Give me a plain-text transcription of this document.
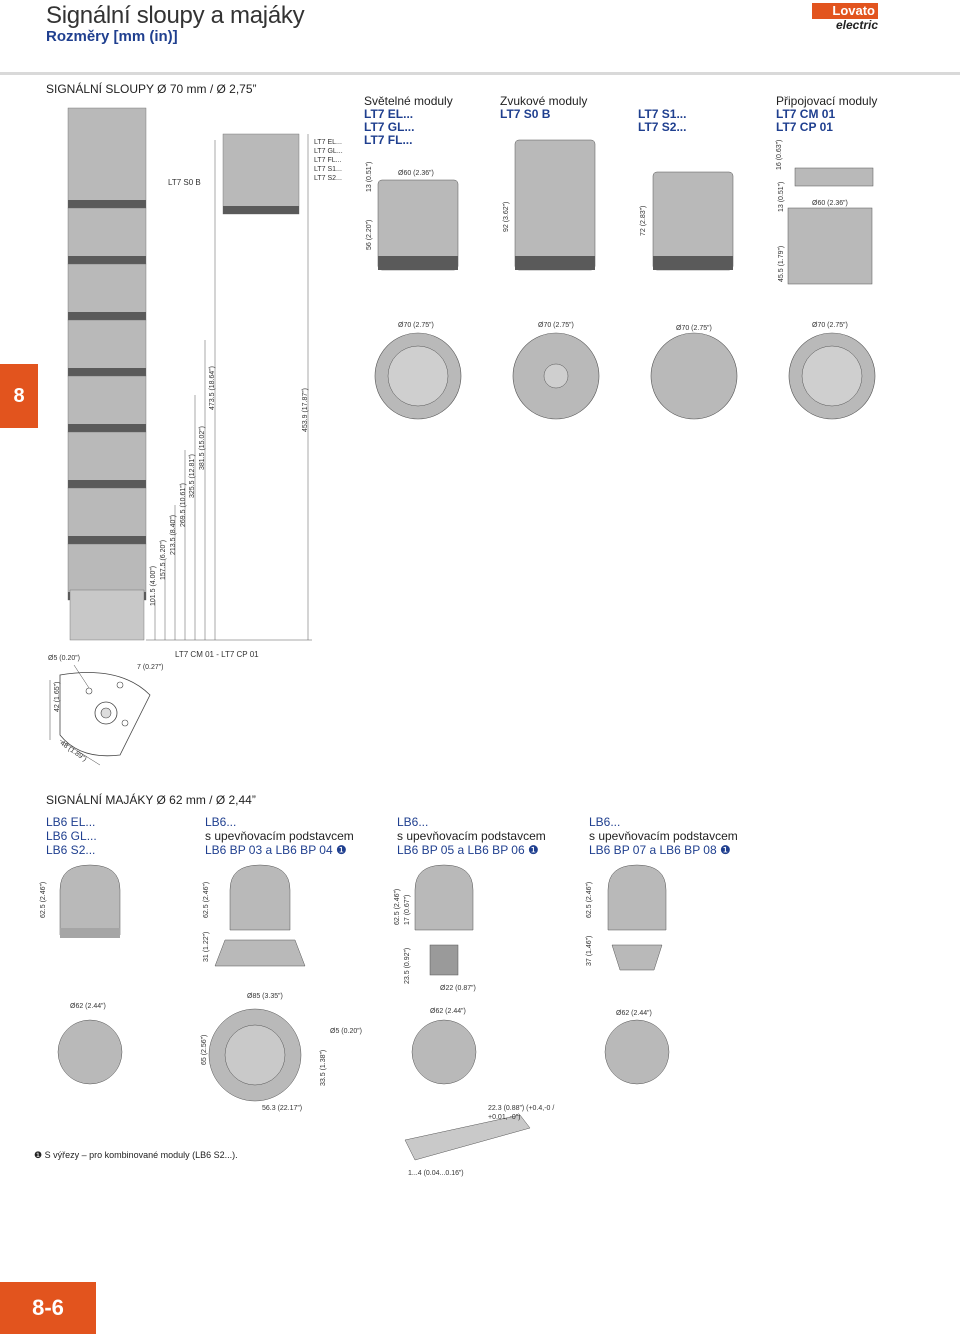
Signální sloupy a majáky
Rozměry [mm (in)]
Lovato
electric
8
8-6
SIGNÁLNÍ SLOUPY Ø 70 mm / Ø 2,75”
LT7 S0 B
LT7 EL...
LT7 GL...
LT7 FL...
LT7 S1...
LT7 S2...
101.5 (4.00”)
157.5 (6.20”)
213.5 (8.40”)
269.5 (10.61”)
325.5 (12.81”)
381.5 (15.02”)
473.5 (18.64”)
453.9 (17.87”)
LT7 CM 01 - LT7 CP 01
Ø5 (0.20”)
7 (0.27”)
42 (1.65”)
48 (1.89”)
Světelné moduly
LT7 EL...
LT7 GL...
LT7 FL...
Zvukové moduly
LT7 S0 B	LT7 S1...
LT7 S2...
Připojovací moduly
LT7 CM 01
LT7 CP 01
56 (2.20”)
13 (0.51”)	Ø60 (2.36”)
Ø70 (2.75”)
92 (3.62”)
Ø70 (2.75”)
72 (2.83”)
Ø70 (2.75”)
16 (0.63”)
13 (0.51”)	Ø60 (2.36”)
45.5 (1.79”)
Ø70 (2.75”)
SIGNÁLNÍ MAJÁKY Ø 62 mm / Ø 2,44”
LB6 EL...
LB6 GL...
LB6 S2...
LB6...
s upevňovacím podstavcem
LB6 BP 03 a LB6 BP 04 ❶
LB6...
s upevňovacím podstavcem
LB6 BP 05 a LB6 BP 06 ❶
LB6...
s upevňovacím podstavcem
LB6 BP 07 a LB6 BP 08 ❶
62.5 (2.46”)
Ø62 (2.44”)
62.5 (2.46”)
31 (1.22”)
Ø85 (3.35”)
65 (2.56”)
Ø5 (0.20”)
33.5 (1.38”)
56.3 (22.17”)
62.5 (2.46”) 17 (0.67”)
23.5 (0.92”)
Ø22 (0.87”)
Ø62 (2.44”)
22.3 (0.88”) (+0.4,-0 / +0.01, -0”)
1...4 (0.04...0.16”)
62.5 (2.46”)
37 (1.46”)
Ø62 (2.44”)
❶ S výřezy – pro kombinované moduly (LB6 S2...).
